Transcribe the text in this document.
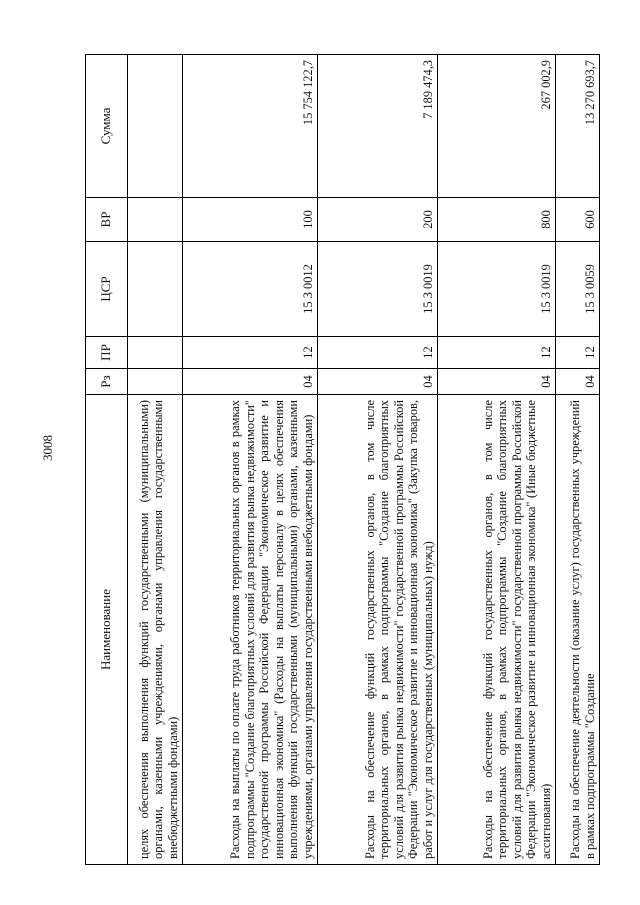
3008
Наименование	Рз	ПР	ЦСР	ВР	Сумма
целях обеспечения выполнения функций государственными (муниципальными) органами, казенными учреждениями, органами управления государственными внебюджетными фондами)					
Расходы на выплаты по оплате труда работников территориальных органов в рамках подпрограммы "Создание благоприятных условий для развития рынка недвижимости" государственной программы Российской Федерации "Экономическое развитие и инновационная экономика" (Расходы на выплаты персоналу в целях обеспечения выполнения функций государственными (муниципальными) органами, казенными учреждениями, органами управления государственными внебюджетными фондами)	04	12	15 3 0012	100	15 754 122,7
Расходы на обеспечение функций государственных органов, в том числе территориальных органов, в рамках подпрограммы "Создание благоприятных условий для развития рынка недвижимости" государственной программы Российской Федерации "Экономическое развитие и инновационная экономика" (Закупка товаров, работ и услуг для государственных (муниципальных) нужд)	04	12	15 3 0019	200	7 189 474,3
Расходы на обеспечение функций государственных органов, в том числе территориальных органов, в рамках подпрограммы "Создание благоприятных условий для развития рынка недвижимости" государственной программы Российской Федерации "Экономическое развитие и инновационная экономика" (Иные бюджетные ассигнования)	04	12	15 3 0019	800	267 002,9
Расходы на обеспечение деятельности (оказание услуг) государственных учреждений в рамках подпрограммы "Создание	04	12	15 3 0059	600	13 270 693,7
